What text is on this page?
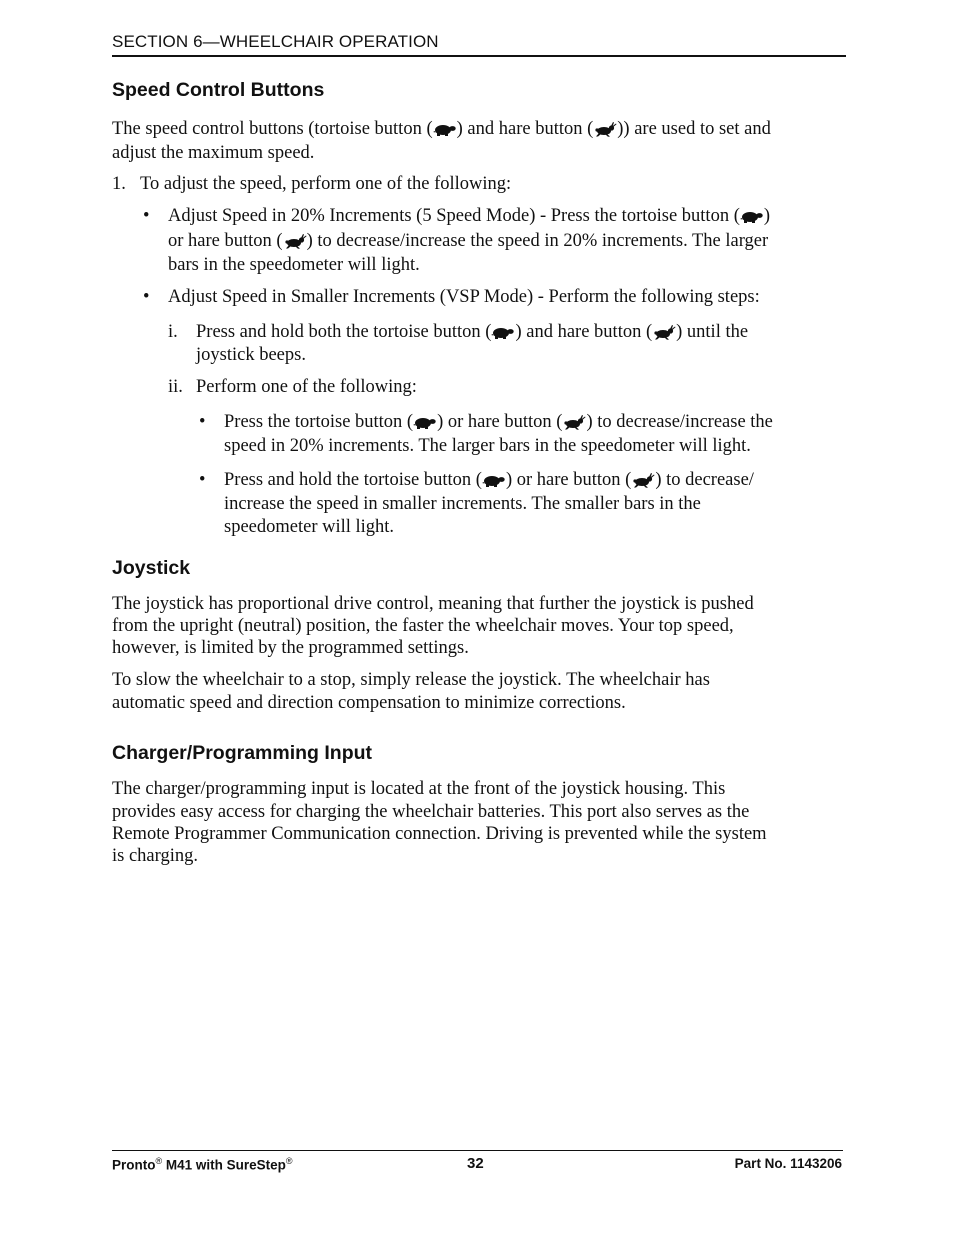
SECTION 6—WHEELCHAIR OPERATION
Speed Control Buttons

The speed control buttons (tortoise button ( ) and hare button ( )) are used to set and

adjust the maximum speed.

1. To adjust the speed, perform one of the following:

• Adjust Speed in 20% Increments (5 Speed Mode) - Press the tortoise button ( )

or hare button ( ) to decrease/increase the speed in 20% increments. The larger

bars in the speedometer will light.

• Adjust Speed in Smaller Increments (VSP Mode) - Perform the following steps:

i. Press and hold both the tortoise button ( ) and hare button ( ) until the

joystick beeps.

ii. Perform one of the following:

• Press the tortoise button ( ) or hare button ( ) to decrease/increase the

speed in 20% increments. The larger bars in the speedometer will light.

• Press and hold the tortoise button ( ) or hare button ( ) to decrease/

increase the speed in smaller increments. The smaller bars in the

speedometer will light.

Joystick

The joystick has proportional drive control, meaning that further the joystick is pushed

from the upright (neutral) position, the faster the wheelchair moves. Your top speed,

however, is limited by the programmed settings.

To slow the wheelchair to a stop, simply release the joystick. The wheelchair has

automatic speed and direction compensation to minimize corrections.

Charger/Programming Input

The charger/programming input is located at the front of the joystick housing. This

provides easy access for charging the wheelchair batteries. This port also serves as the

Remote Programmer Communication connection. Driving is prevented while the system

is charging.

Pronto® M41 with SureStep®	32	Part No. 1143206
